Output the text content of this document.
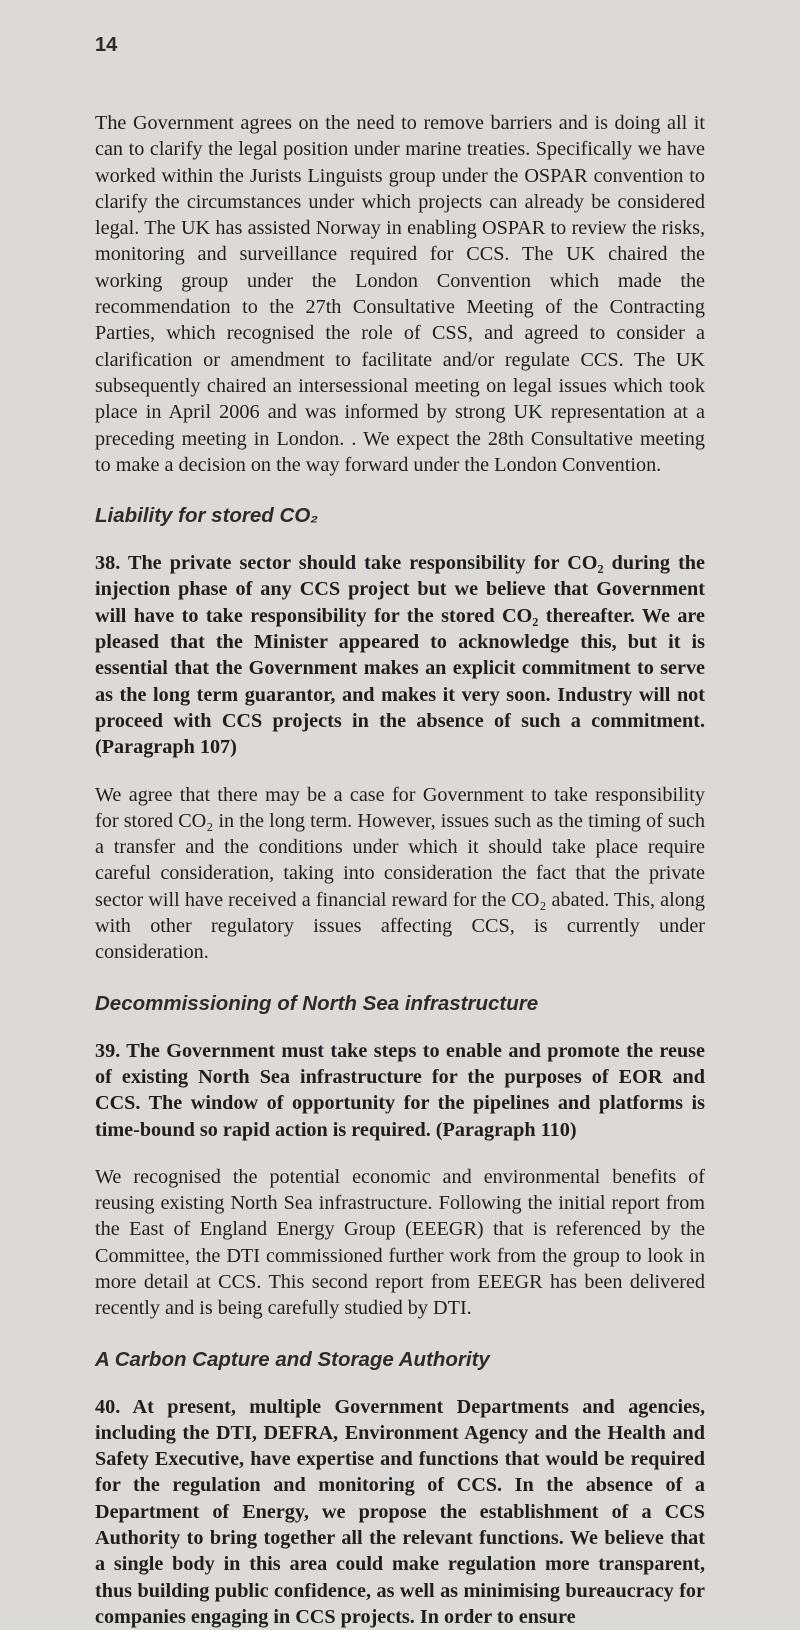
14

The Government agrees on the need to remove barriers and is doing all it can to clarify the legal position under marine treaties. Specifically we have worked within the Jurists Linguists group under the OSPAR convention to clarify the circumstances under which projects can already be considered legal. The UK has assisted Norway in enabling OSPAR to review the risks, monitoring and surveillance required for CCS. The UK chaired the working group under the London Convention which made the recommendation to the 27th Consultative Meeting of the Contracting Parties, which recognised the role of CSS, and agreed to consider a clarification or amendment to facilitate and/or regulate CCS. The UK subsequently chaired an intersessional meeting on legal issues which took place in April 2006 and was informed by strong UK representation at a preceding meeting in London. . We expect the 28th Consultative meeting to make a decision on the way forward under the London Convention.

Liability for stored CO₂

38. The private sector should take responsibility for CO₂ during the injection phase of any CCS project but we believe that Government will have to take responsibility for the stored CO₂ thereafter. We are pleased that the Minister appeared to acknowledge this, but it is essential that the Government makes an explicit commitment to serve as the long term guarantor, and makes it very soon. Industry will not proceed with CCS projects in the absence of such a commitment. (Paragraph 107)

We agree that there may be a case for Government to take responsibility for stored CO₂ in the long term. However, issues such as the timing of such a transfer and the conditions under which it should take place require careful consideration, taking into consideration the fact that the private sector will have received a financial reward for the CO₂ abated. This, along with other regulatory issues affecting CCS, is currently under consideration.

Decommissioning of North Sea infrastructure

39. The Government must take steps to enable and promote the reuse of existing North Sea infrastructure for the purposes of EOR and CCS. The window of opportunity for the pipelines and platforms is time-bound so rapid action is required. (Paragraph 110)

We recognised the potential economic and environmental benefits of reusing existing North Sea infrastructure. Following the initial report from the East of England Energy Group (EEEGR) that is referenced by the Committee, the DTI commissioned further work from the group to look in more detail at CCS. This second report from EEEGR has been delivered recently and is being carefully studied by DTI.

A Carbon Capture and Storage Authority

40. At present, multiple Government Departments and agencies, including the DTI, DEFRA, Environment Agency and the Health and Safety Executive, have expertise and functions that would be required for the regulation and monitoring of CCS. In the absence of a Department of Energy, we propose the establishment of a CCS Authority to bring together all the relevant functions. We believe that a single body in this area could make regulation more transparent, thus building public confidence, as well as minimising bureaucracy for companies engaging in CCS projects. In order to ensure
